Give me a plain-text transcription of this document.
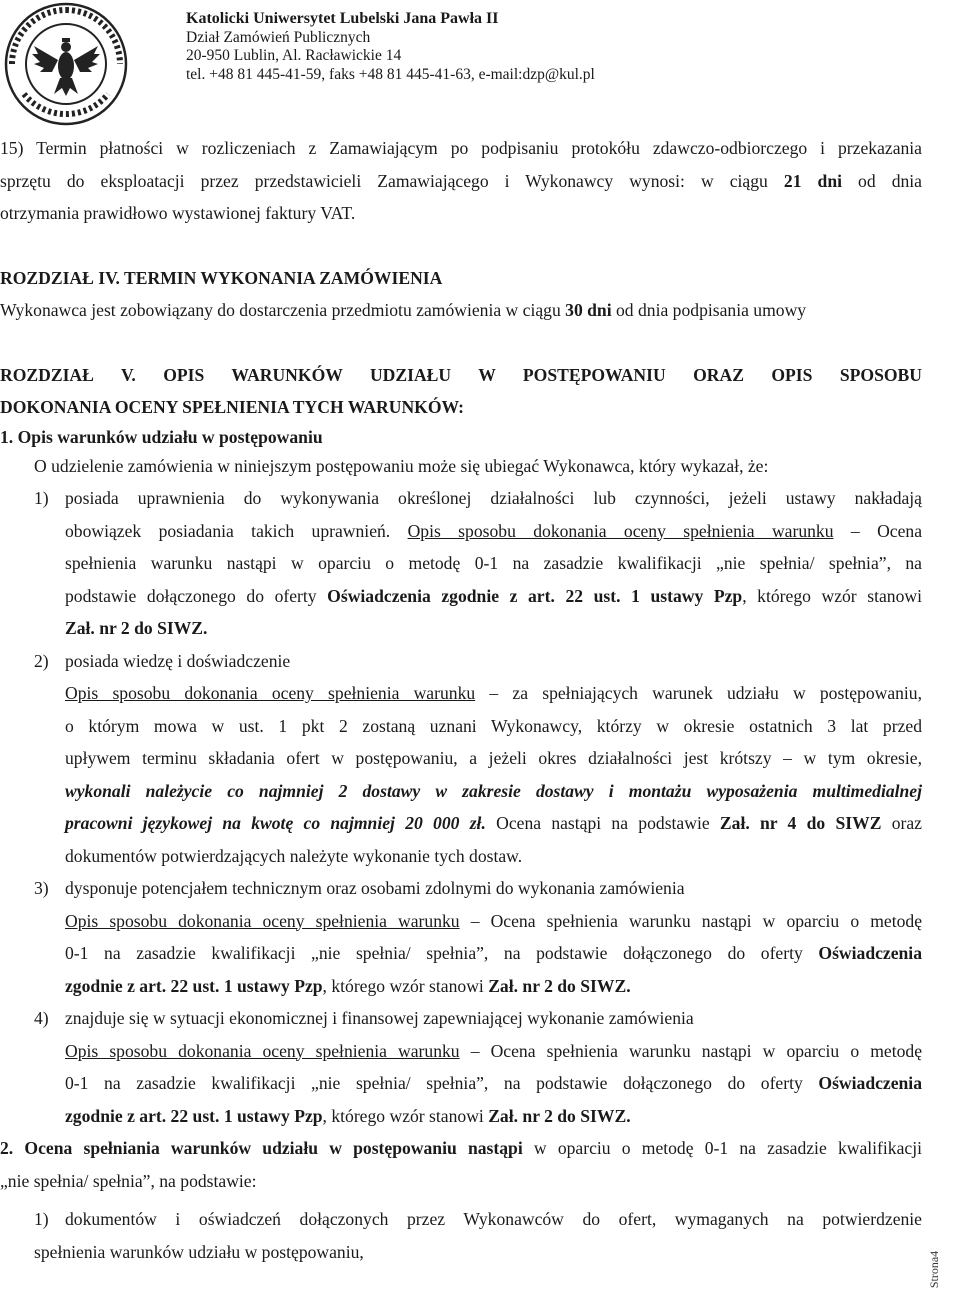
Katolicki Uniwersytet Lubelski Jana Pawła II
Dział Zamówień Publicznych
20-950 Lublin, Al. Racławickie 14
tel. +48 81 445-41-59, faks +48 81 445-41-63, e-mail:dzp@kul.pl

15) Termin płatności w rozliczeniach z Zamawiającym po podpisaniu protokółu zdawczo-odbiorczego i przekazania

sprzętu do eksploatacji przez przedstawicieli Zamawiającego i Wykonawcy wynosi: w ciągu 21 dni od dnia

otrzymania prawidłowo wystawionej faktury VAT.

ROZDZIAŁ IV. TERMIN WYKONANIA ZAMÓWIENIA

Wykonawca jest zobowiązany do dostarczenia przedmiotu zamówienia w ciągu 30 dni od dnia podpisania umowy

ROZDZIAŁ V. OPIS WARUNKÓW UDZIAŁU W POSTĘPOWANIU ORAZ OPIS SPOSOBU

DOKONANIA OCENY SPEŁNIENIA TYCH WARUNKÓW:

1. Opis warunków udziału w postępowaniu

O udzielenie zamówienia w niniejszym postępowaniu może się ubiegać Wykonawca, który wykazał, że:

1) posiada uprawnienia do wykonywania określonej działalności lub czynności, jeżeli ustawy nakładają

obowiązek posiadania takich uprawnień. Opis sposobu dokonania oceny spełnienia warunku – Ocena

spełnienia warunku nastąpi w oparciu o metodę 0-1 na zasadzie kwalifikacji „nie spełnia/ spełnia”, na

podstawie dołączonego do oferty Oświadczenia zgodnie z art. 22 ust. 1 ustawy Pzp, którego wzór stanowi

Zał. nr 2 do SIWZ.

2) posiada wiedzę i doświadczenie

Opis sposobu dokonania oceny spełnienia warunku – za spełniających warunek udziału w postępowaniu,

o którym mowa w ust. 1 pkt 2 zostaną uznani Wykonawcy, którzy w okresie ostatnich 3 lat przed

upływem terminu składania ofert w postępowaniu, a jeżeli okres działalności jest krótszy – w tym okresie,

wykonali należycie co najmniej 2 dostawy w zakresie dostawy i montażu wyposażenia multimedialnej

pracowni językowej na kwotę co najmniej 20 000 zł. Ocena nastąpi na podstawie Zał. nr 4 do SIWZ oraz

dokumentów potwierdzających należyte wykonanie tych dostaw.

3) dysponuje potencjałem technicznym oraz osobami zdolnymi do wykonania zamówienia

Opis sposobu dokonania oceny spełnienia warunku – Ocena spełnienia warunku nastąpi w oparciu o metodę

0-1 na zasadzie kwalifikacji „nie spełnia/ spełnia”, na podstawie dołączonego do oferty Oświadczenia

zgodnie z art. 22 ust. 1 ustawy Pzp, którego wzór stanowi Zał. nr 2 do SIWZ.

4) znajduje się w sytuacji ekonomicznej i finansowej zapewniającej wykonanie zamówienia

Opis sposobu dokonania oceny spełnienia warunku – Ocena spełnienia warunku nastąpi w oparciu o metodę

0-1 na zasadzie kwalifikacji „nie spełnia/ spełnia”, na podstawie dołączonego do oferty Oświadczenia

zgodnie z art. 22 ust. 1 ustawy Pzp, którego wzór stanowi Zał. nr 2 do SIWZ.

2. Ocena spełniania warunków udziału w postępowaniu nastąpi w oparciu o metodę 0-1 na zasadzie kwalifikacji

„nie spełnia/ spełnia”, na podstawie:

1) dokumentów i oświadczeń dołączonych przez Wykonawców do ofert, wymaganych na potwierdzenie

spełnienia warunków udziału w postępowaniu,	Strona4
